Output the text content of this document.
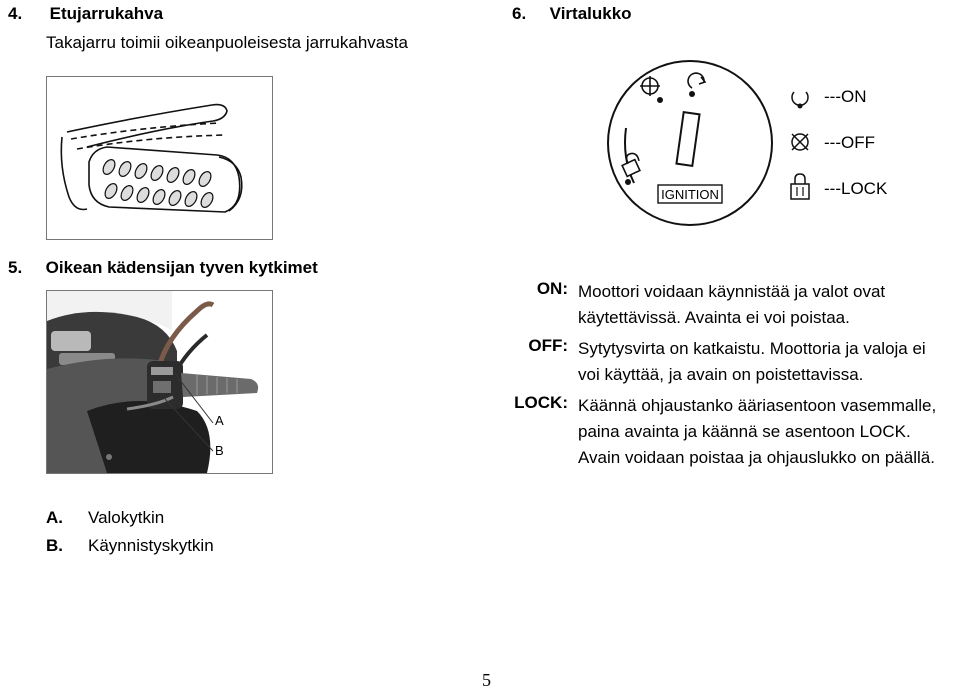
4. Etujarrukahva
Takajarru toimii oikeanpuoleisesta jarrukahvasta
6. Virtalukko
IGNITION
---ON
---OFF
---LOCK
5. Oikean kädensijan tyven kytkimet
A
B
ON: Moottori voidaan käynnistää ja valot ovat
käytettävissä. Avainta ei voi poistaa.
OFF: Sytytysvirta on katkaistu. Moottoria ja valoja ei
voi käyttää, ja avain on poistettavissa.
LOCK: Käännä ohjaustanko ääriasentoon vasemmalle,
paina avainta ja käännä se asentoon LOCK.
Avain voidaan poistaa ja ohjauslukko on päällä.
A. Valokytkin
B. Käynnistyskytkin
5
